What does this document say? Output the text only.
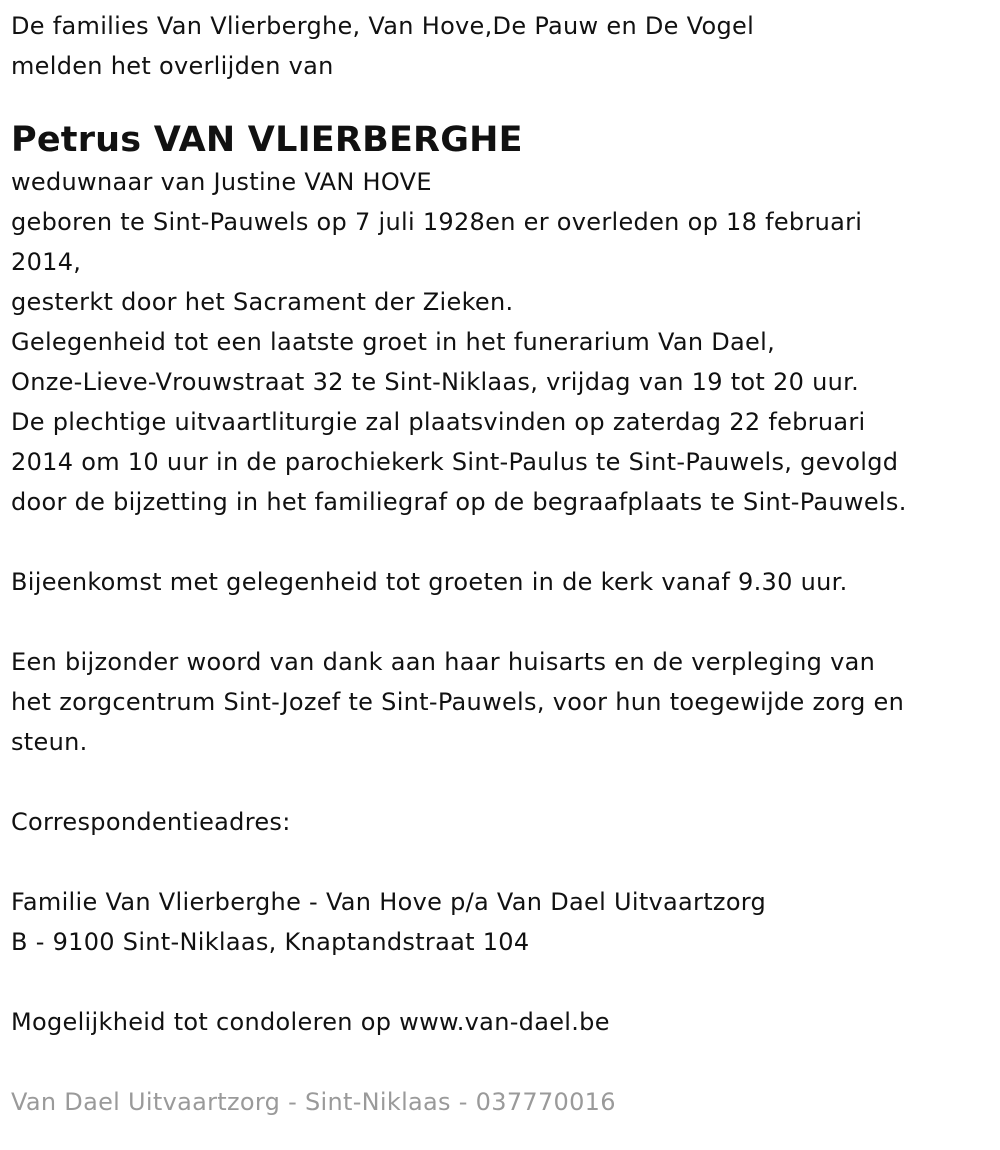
De families Van Vlierberghe, Van Hove,De Pauw en De Vogel
melden het overlijden van
Petrus VAN VLIERBERGHE
weduwnaar van Justine VAN HOVE
geboren te Sint-Pauwels op 7 juli 1928en er overleden op 18 februari
2014,
gesterkt door het Sacrament der Zieken.
Gelegenheid tot een laatste groet in het funerarium Van Dael,
Onze-Lieve-Vrouwstraat 32 te Sint-Niklaas, vrijdag van 19 tot 20 uur.
De plechtige uitvaartliturgie zal plaatsvinden op zaterdag 22 februari
2014 om 10 uur in de parochiekerk Sint-Paulus te Sint-Pauwels, gevolgd
door de bijzetting in het familiegraf op de begraafplaats te Sint-Pauwels.
Bijeenkomst met gelegenheid tot groeten in de kerk vanaf 9.30 uur.
Een bijzonder woord van dank aan haar huisarts en de verpleging van
het zorgcentrum Sint-Jozef te Sint-Pauwels, voor hun toegewijde zorg en
steun.
Correspondentieadres:
Familie Van Vlierberghe - Van Hove p/a Van Dael Uitvaartzorg
B - 9100 Sint-Niklaas, Knaptandstraat 104
Mogelijkheid tot condoleren op www.van-dael.be
Van Dael Uitvaartzorg - Sint-Niklaas - 037770016
